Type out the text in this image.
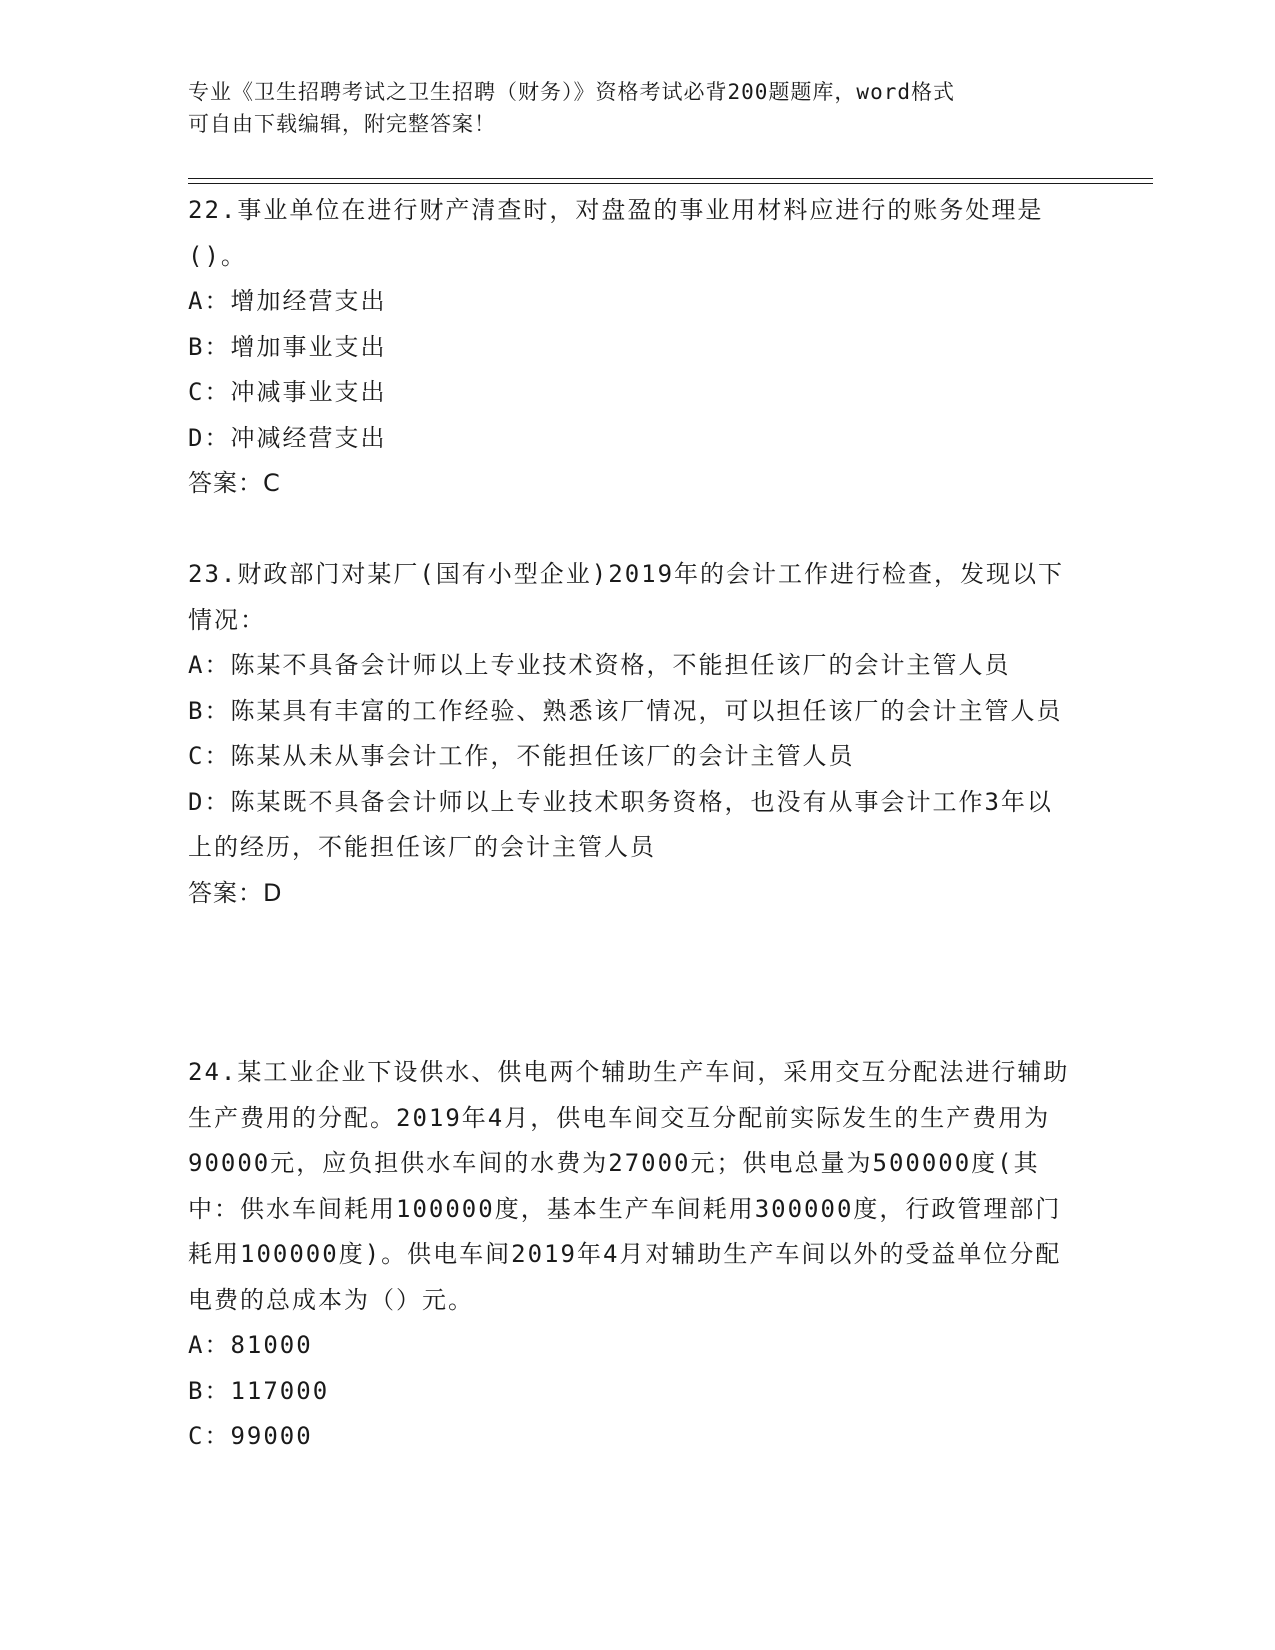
专业《卫生招聘考试之卫生招聘（财务）》资格考试必背200题题库，word格式
可自由下载编辑，附完整答案！
22.事业单位在进行财产清查时，对盘盈的事业用材料应进行的账务处理是()。
A：增加经营支出
B：增加事业支出
C：冲减事业支出
D：冲减经营支出
答案：C
23.财政部门对某厂(国有小型企业)2019年的会计工作进行检查，发现以下情况：
A：陈某不具备会计师以上专业技术资格，不能担任该厂的会计主管人员
B：陈某具有丰富的工作经验、熟悉该厂情况，可以担任该厂的会计主管人员
C：陈某从未从事会计工作，不能担任该厂的会计主管人员
D：陈某既不具备会计师以上专业技术职务资格，也没有从事会计工作3年以上的经历，不能担任该厂的会计主管人员
答案：D
24.某工业企业下设供水、供电两个辅助生产车间，采用交互分配法进行辅助生产费用的分配。2019年4月，供电车间交互分配前实际发生的生产费用为90000元，应负担供水车间的水费为27000元；供电总量为500000度(其中：供水车间耗用100000度，基本生产车间耗用300000度，行政管理部门耗用100000度)。供电车间2019年4月对辅助生产车间以外的受益单位分配电费的总成本为（）元。
A：81000
B：117000
C：99000
